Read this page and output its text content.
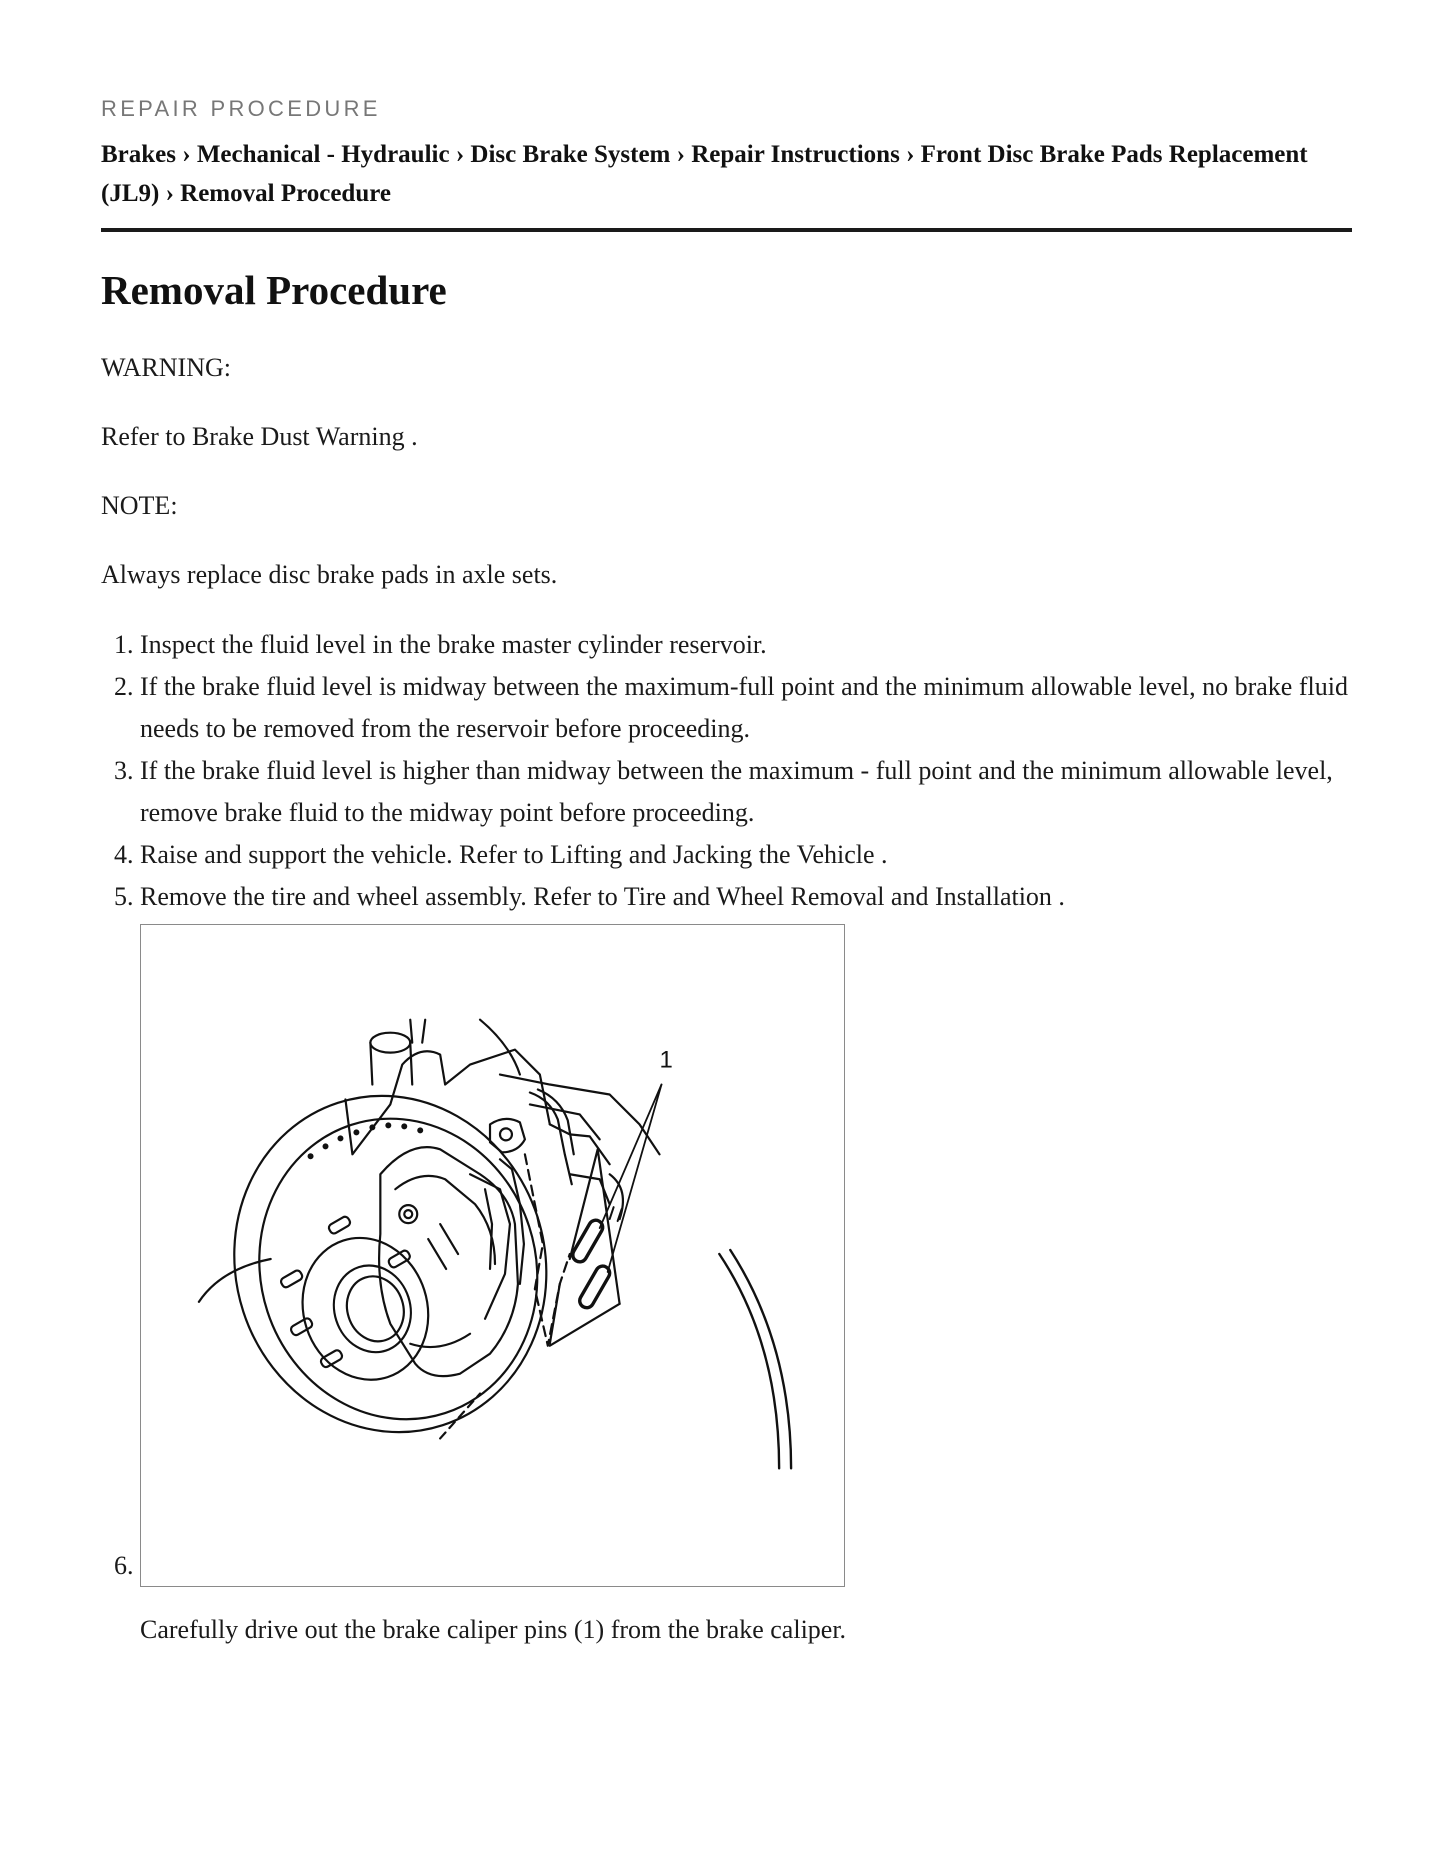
REPAIR PROCEDURE
Brakes › Mechanical - Hydraulic › Disc Brake System › Repair Instructions › Front Disc Brake Pads Replacement (JL9) › Removal Procedure
Removal Procedure

WARNING:

Refer to Brake Dust Warning .

NOTE:

Always replace disc brake pads in axle sets.

1. Inspect the fluid level in the brake master cylinder reservoir.
2. If the brake fluid level is midway between the maximum-full point and the minimum allowable level, no brake fluid needs to be removed from the reservoir before proceeding.
3. If the brake fluid level is higher than midway between the maximum - full point and the minimum allowable level, remove brake fluid to the midway point before proceeding.
4. Raise and support the vehicle. Refer to Lifting and Jacking the Vehicle .
5. Remove the tire and wheel assembly. Refer to Tire and Wheel Removal and Installation .
6. 1
Carefully drive out the brake caliper pins (1) from the brake caliper.
